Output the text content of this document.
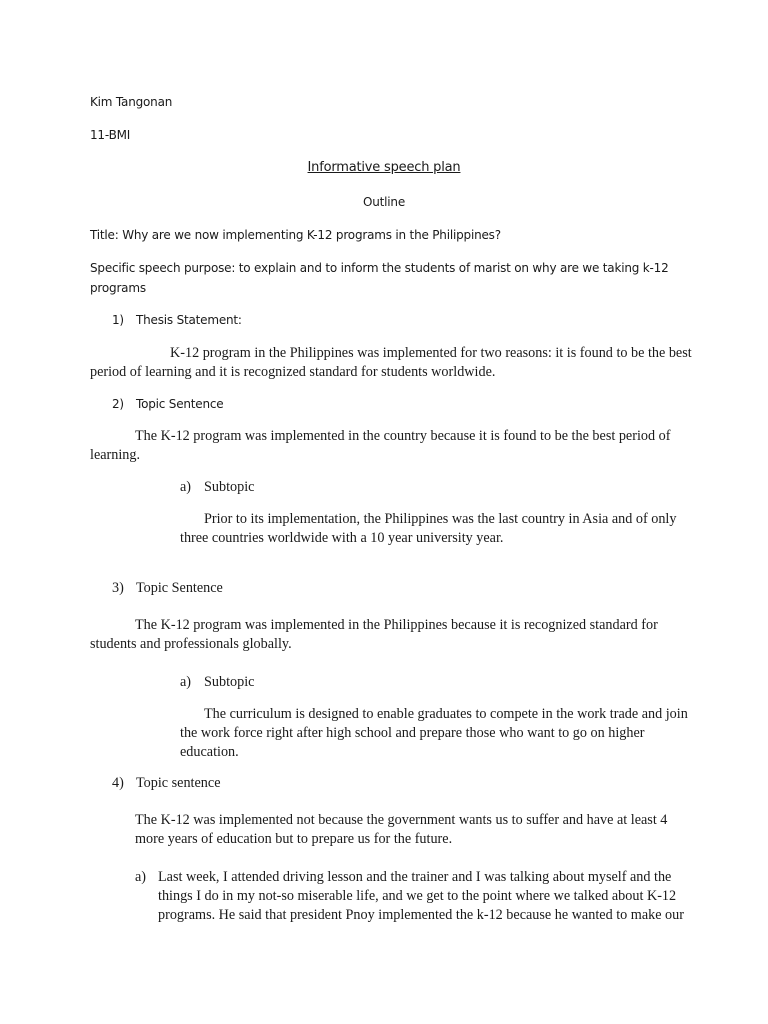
Kim Tangonan
11-BMI
Informative speech plan
Outline
Title: Why are we now implementing K-12 programs in the Philippines?
Specific speech purpose: to explain and to inform the students of marist on why are we taking k-12
programs
1) Thesis Statement:
K-12 program in the Philippines was implemented for two reasons: it is found to be the best
period of learning and it is recognized standard for students worldwide.
2) Topic Sentence
The K-12 program was implemented in the country because it is found to be the best period of
learning.
a) Subtopic
Prior to its implementation, the Philippines was the last country in Asia and of only
three countries worldwide with a 10 year university year.
3) Topic Sentence
The K-12 program was implemented in the Philippines because it is recognized standard for
students and professionals globally.
a) Subtopic
The curriculum is designed to enable graduates to compete in the work trade and join
the work force right after high school and prepare those who want to go on higher
education.
4) Topic sentence
The K-12 was implemented not because the government wants us to suffer and have at least 4
more years of education but to prepare us for the future.
a) Last week, I attended driving lesson and the trainer and I was talking about myself and the
things I do in my not-so miserable life, and we get to the point where we talked about K-12
programs. He said that president Pnoy implemented the k-12 because he wanted to make our
